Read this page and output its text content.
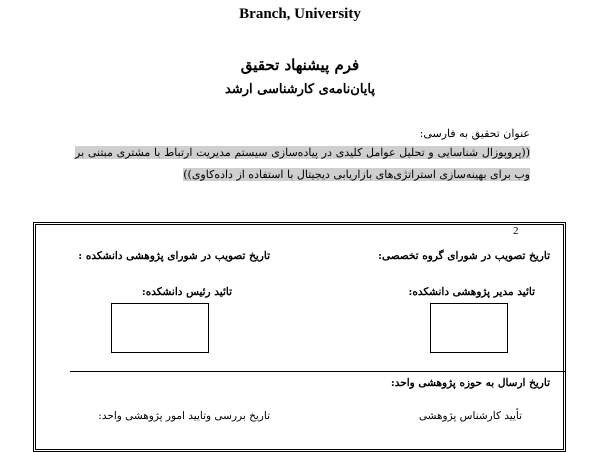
Branch, University
فرم پیشنهاد تحقیق
پایان‌نامه‌ی کارشناسی ارشد
عنوان تحقیق به فارسی:
((پروپوزال شناسایی و تحلیل عوامل کلیدی در پیاده‌سازی سیستم مدیریت ارتباط با مشتری مبتنی بر وب برای بهینه‌سازی استراتژی‌های بازاریابی دیجیتال با استفاده از داده‌کاوی))
2
تاریخ تصویب در شورای گروه تخصصی:
تاریخ تصویب در شورای پژوهشی دانشکده :
تائید مدیر پژوهشی دانشکده:
تائید رئیس دانشکده:
تاریخ ارسال به حوزه پژوهشی واحد:
تأیید کارشناس پژوهشی
تاریخ بررسی وتایید امور پژوهشی واحد:
